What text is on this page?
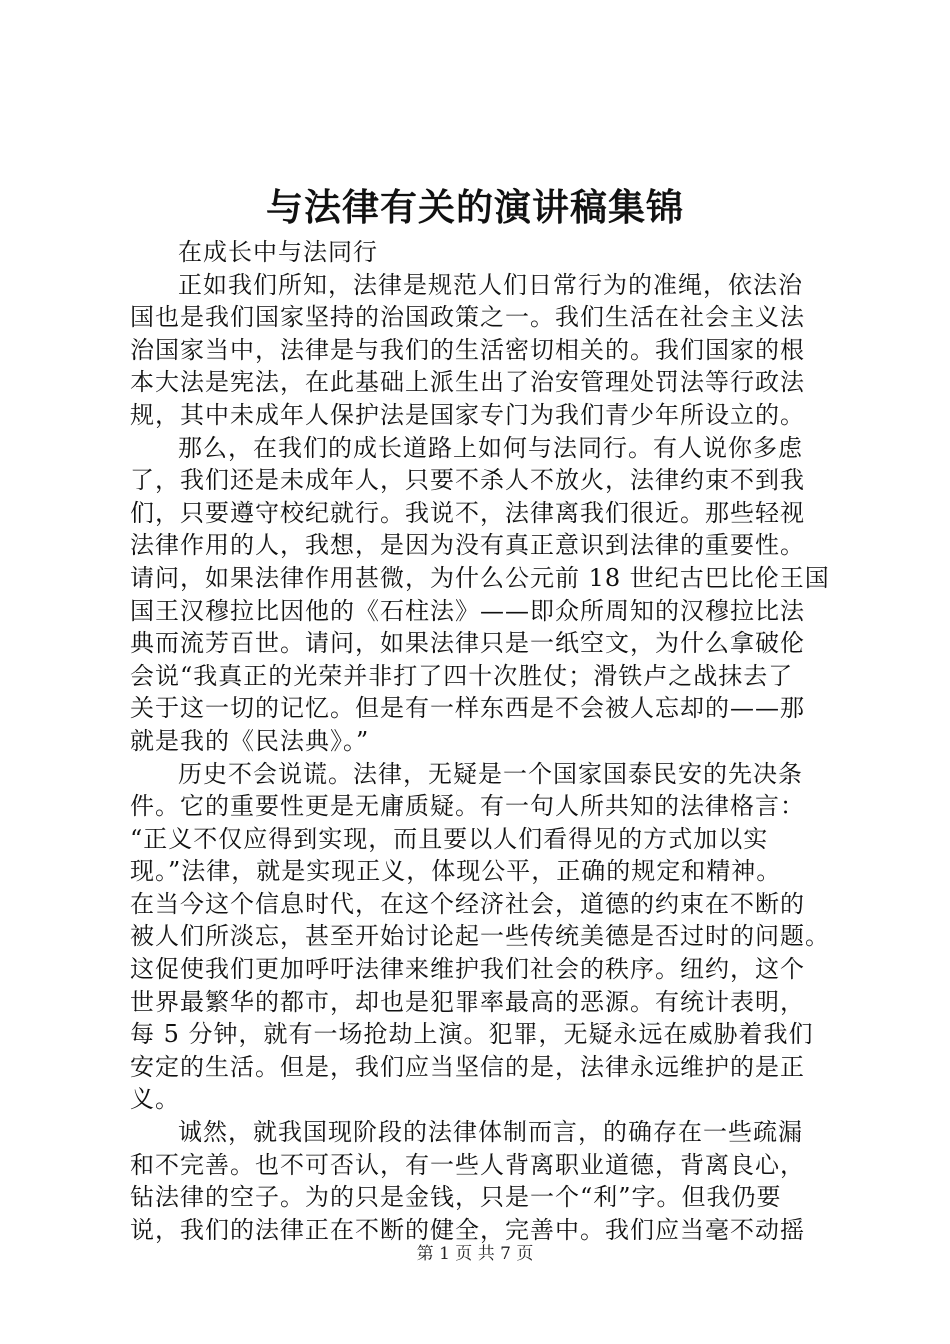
与法律有关的演讲稿集锦

在成长中与法同行

正如我们所知，法律是规范人们日常行为的准绳，依法治
国也是我们国家坚持的治国政策之一。我们生活在社会主义法
治国家当中，法律是与我们的生活密切相关的。我们国家的根
本大法是宪法，在此基础上派生出了治安管理处罚法等行政法
规，其中未成年人保护法是国家专门为我们青少年所设立的。

那么，在我们的成长道路上如何与法同行。有人说你多虑
了，我们还是未成年人，只要不杀人不放火，法律约束不到我
们，只要遵守校纪就行。我说不，法律离我们很近。那些轻视
法律作用的人，我想，是因为没有真正意识到法律的重要性。
请问，如果法律作用甚微，为什么公元前 18 世纪古巴比伦王国
国王汉穆拉比因他的《石柱法》——即众所周知的汉穆拉比法
典而流芳百世。请问，如果法律只是一纸空文，为什么拿破伦
会说“我真正的光荣并非打了四十次胜仗；滑铁卢之战抹去了
关于这一切的记忆。但是有一样东西是不会被人忘却的——那
就是我的《民法典》。”

历史不会说谎。法律，无疑是一个国家国泰民安的先决条
件。它的重要性更是无庸质疑。有一句人所共知的法律格言：
“正义不仅应得到实现，而且要以人们看得见的方式加以实
现。”法律，就是实现正义，体现公平，正确的规定和精神。
在当今这个信息时代，在这个经济社会，道德的约束在不断的
被人们所淡忘，甚至开始讨论起一些传统美德是否过时的问题。
这促使我们更加呼吁法律来维护我们社会的秩序。纽约，这个
世界最繁华的都市，却也是犯罪率最高的恶源。有统计表明，
每 5 分钟，就有一场抢劫上演。犯罪，无疑永远在威胁着我们
安定的生活。但是，我们应当坚信的是，法律永远维护的是正
义。

诚然，就我国现阶段的法律体制而言，的确存在一些疏漏
和不完善。也不可否认，有一些人背离职业道德，背离良心，
钻法律的空子。为的只是金钱，只是一个“利”字。但我仍要
说，我们的法律正在不断的健全，完善中。我们应当毫不动摇

第 1 页 共 7 页
